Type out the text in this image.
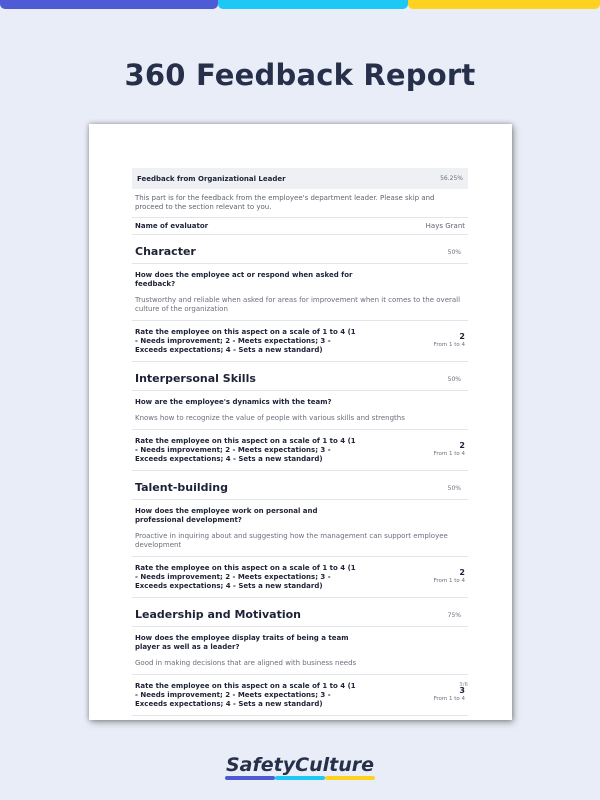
360 Feedback Report
Feedback from Organizational Leader	56.25%
This part is for the feedback from the employee's department leader. Please skip and proceed to the section relevant to you.
Name of evaluator	Hays Grant
Character	50%
How does the employee act or respond when asked for feedback?
Trustworthy and reliable when asked for areas for improvement when it comes to the overall culture of the organization
Rate the employee on this aspect on a scale of 1 to 4 (1 - Needs improvement; 2 - Meets expectations; 3 - Exceeds expectations; 4 - Sets a new standard)
2
From 1 to 4
Interpersonal Skills	50%
How are the employee's dynamics with the team?
Knows how to recognize the value of people with various skills and strengths
Rate the employee on this aspect on a scale of 1 to 4 (1 - Needs improvement; 2 - Meets expectations; 3 - Exceeds expectations; 4 - Sets a new standard)
2
From 1 to 4
Talent-building	50%
How does the employee work on personal and professional development?
Proactive in inquiring about and suggesting how the management can support employee development
Rate the employee on this aspect on a scale of 1 to 4 (1 - Needs improvement; 2 - Meets expectations; 3 - Exceeds expectations; 4 - Sets a new standard)
2
From 1 to 4
Leadership and Motivation	75%
How does the employee display traits of being a team player as well as a leader?
Good in making decisions that are aligned with business needs
Rate the employee on this aspect on a scale of 1 to 4 (1 - Needs improvement; 2 - Meets expectations; 3 - Exceeds expectations; 4 - Sets a new standard)
3
From 1 to 4
3/6
SafetyCulture
